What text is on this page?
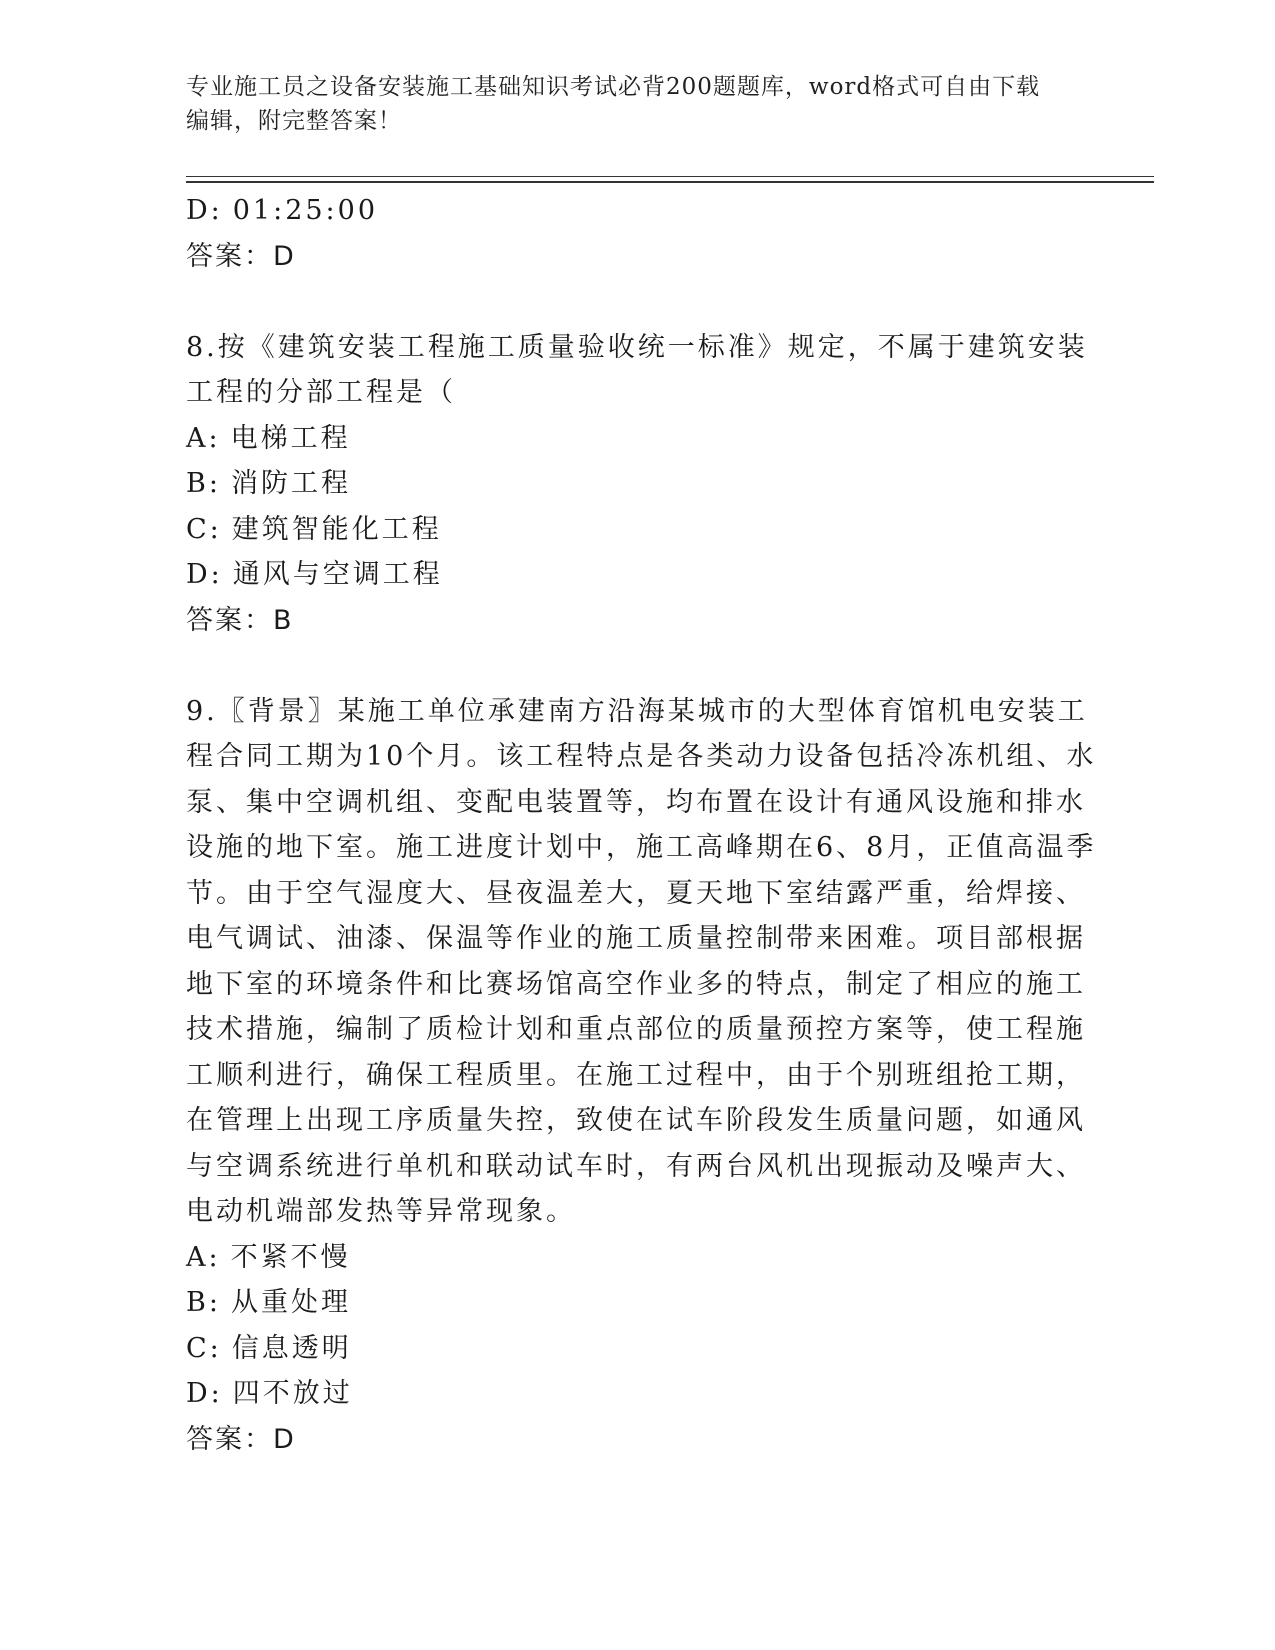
专业施工员之设备安装施工基础知识考试必背200题题库，word格式可自由下载
编辑，附完整答案！
D: 01:25:00
答案：D
8.按《建筑安装工程施工质量验收统一标准》规定，不属于建筑安装
工程的分部工程是（
A: 电梯工程
B: 消防工程
C: 建筑智能化工程
D: 通风与空调工程
答案：B
9.〖背景〗某施工单位承建南方沿海某城市的大型体育馆机电安装工
程合同工期为10个月。该工程特点是各类动力设备包括冷冻机组、水
泵、集中空调机组、变配电装置等，均布置在设计有通风设施和排水
设施的地下室。施工进度计划中，施工高峰期在6、8月，正值高温季
节。由于空气湿度大、昼夜温差大，夏天地下室结露严重，给焊接、
电气调试、油漆、保温等作业的施工质量控制带来困难。项目部根据
地下室的环境条件和比赛场馆高空作业多的特点，制定了相应的施工
技术措施，编制了质检计划和重点部位的质量预控方案等，使工程施
工顺利进行，确保工程质里。在施工过程中，由于个别班组抢工期，
在管理上出现工序质量失控，致使在试车阶段发生质量问题，如通风
与空调系统进行单机和联动试车时，有两台风机出现振动及噪声大、
电动机端部发热等异常现象。
A: 不紧不慢
B: 从重处理
C: 信息透明
D: 四不放过
答案：D
